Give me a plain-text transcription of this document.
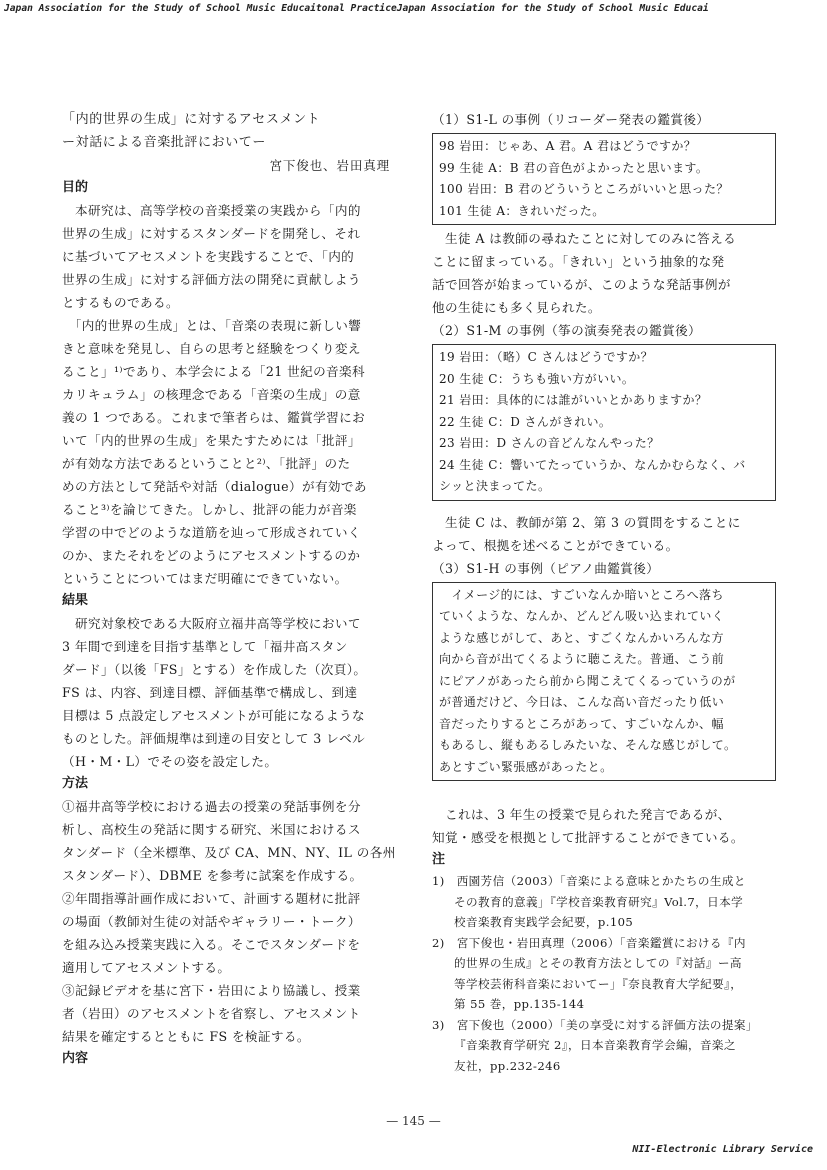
Japan Association for the Study of School Music Educaitonal PracticeJapan Association for the Study of School Music Educai
「内的世界の生成」に対するアセスメント
ー対話による音楽批評においてー
宮下俊也、岩田真理
目的
　本研究は、高等学校の音楽授業の実践から「内的
世界の生成」に対するスタンダードを開発し、それ
に基づいてアセスメントを実践することで、「内的
世界の生成」に対する評価方法の開発に貢献しよう
とするものである。
　「内的世界の生成」とは、「音楽の表現に新しい響
きと意味を発見し、自らの思考と経験をつくり変え
ること」¹⁾であり、本学会による「21 世紀の音楽科
カリキュラム」の核理念である「音楽の生成」の意
義の 1 つである。これまで筆者らは、鑑賞学習にお
いて「内的世界の生成」を果たすためには「批評」
が有効な方法であるということと²⁾、「批評」のた
めの方法として発話や対話（dialogue）が有効であ
ること³⁾を論じてきた。しかし、批評の能力が音楽
学習の中でどのような道筋を辿って形成されていく
のか、またそれをどのようにアセスメントするのか
ということについてはまだ明確にできていない。
結果
　研究対象校である大阪府立福井高等学校において
3 年間で到達を目指す基準として「福井高スタン
ダード」（以後「FS」とする）を作成した（次頁）。
FS は、内容、到達目標、評価基準で構成し、到達
目標は 5 点設定しアセスメントが可能になるような
ものとした。評価規準は到達の目安として 3 レベル
（H・M・L）でその姿を設定した。
方法
①福井高等学校における過去の授業の発話事例を分
析し、高校生の発話に関する研究、米国におけるス
タンダード（全米標準、及び CA、MN、NY、IL の各州
スタンダード）、DBME を参考に試案を作成する。
②年間指導計画作成において、計画する題材に批評
の場面（教師対生徒の対話やギャラリー・トーク）
を組み込み授業実践に入る。そこでスタンダードを
適用してアセスメントする。
③記録ビデオを基に宮下・岩田により協議し、授業
者（岩田）のアセスメントを省察し、アセスメント
結果を確定するとともに FS を検証する。
内容
（1）S1-L の事例（リコーダー発表の鑑賞後）
98 岩田：じゃあ、A 君。A 君はどうですか？
99 生徒 A：B 君の音色がよかったと思います。
100 岩田：B 君のどういうところがいいと思った？
101 生徒 A：きれいだった。
　生徒 A は教師の尋ねたことに対してのみに答える
ことに留まっている。「きれい」という抽象的な発
話で回答が始まっているが、このような発話事例が
他の生徒にも多く見られた。
（2）S1-M の事例（筝の演奏発表の鑑賞後）
19 岩田：（略）C さんはどうですか？
20 生徒 C：うちも強い方がいい。
21 岩田：具体的には誰がいいとかありますか？
22 生徒 C：D さんがきれい。
23 岩田：D さんの音どんなんやった？
24 生徒 C：響いてたっていうか、なんかむらなく、バ
シッと決まってた。
　生徒 C は、教師が第 2、第 3 の質問をすることに
よって、根拠を述べることができている。
（3）S1-H の事例（ピアノ曲鑑賞後）
　イメージ的には、すごいなんか暗いところへ落ち
ていくような、なんか、どんどん吸い込まれていく
ような感じがして、あと、すごくなんかいろんな方
向から音が出てくるように聴こえた。普通、こう前
にピアノがあったら前から聞こえてくるっていうのが
が普通だけど、今日は、こんな高い音だったり低い
音だったりするところがあって、すごいなんか、幅
もあるし、縦もあるしみたいな、そんな感じがして。
あとすごい緊張感があったと。
　これは、3 年生の授業で見られた発言であるが、
知覚・感受を根拠として批評することができている。
注
1)　西園芳信（2003）「音楽による意味とかたちの生成と
その教育的意義」『学校音楽教育研究』Vol.7，日本学
校音楽教育実践学会紀要，p.105
2)　宮下俊也・岩田真理（2006）「音楽鑑賞における『内
的世界の生成』とその教育方法としての『対話』ー高
等学校芸術科音楽においてー」『奈良教育大学紀要』，
第 55 巻，pp.135-144
3)　宮下俊也（2000）「美の享受に対する評価方法の提案」
『音楽教育学研究 2』，日本音楽教育学会編，音楽之
友社，pp.232-246
— 145 —
NII-Electronic Library Service
